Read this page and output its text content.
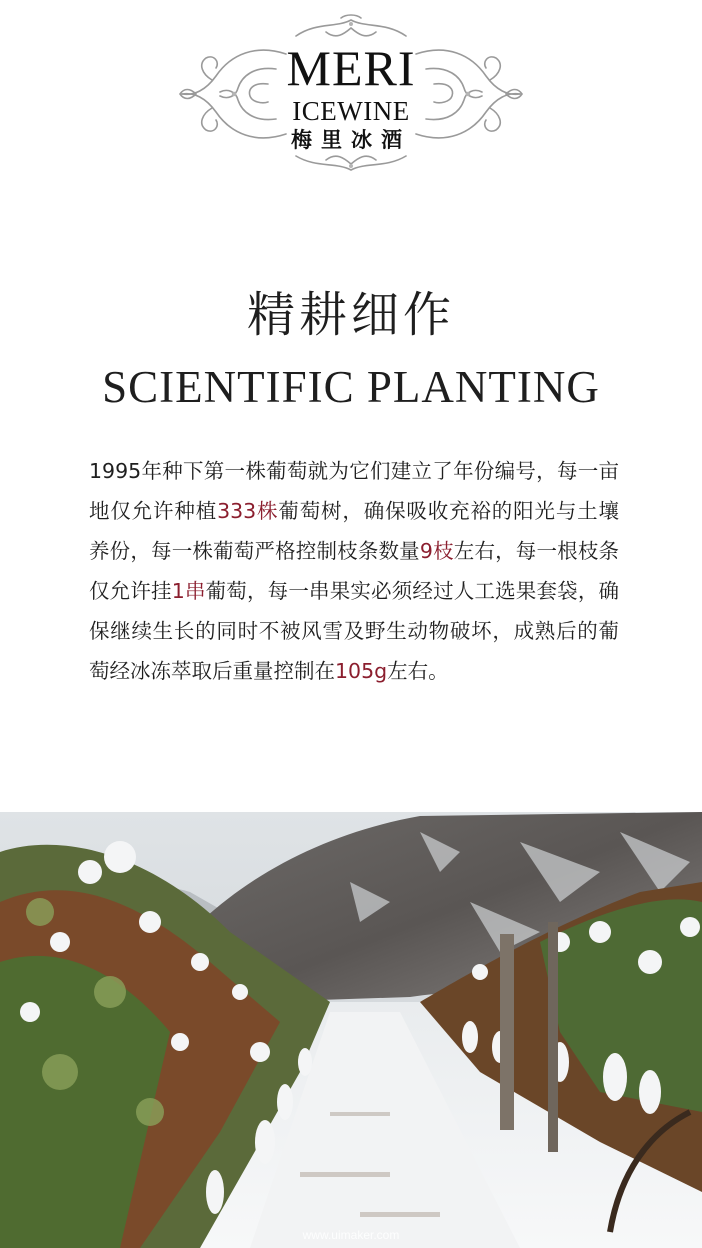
MERI
ICEWINE
梅里冰酒
精耕细作
SCIENTIFIC PLANTING
1995年种下第一株葡萄就为它们建立了年份编号，每一亩地仅允许种植333株葡萄树，确保吸收充裕的阳光与土壤养份，每一株葡萄严格控制枝条数量9枝左右，每一根枝条仅允许挂1串葡萄，每一串果实必须经过人工选果套袋，确保继续生长的同时不被风雪及野生动物破坏，成熟后的葡萄经冰冻萃取后重量控制在105g左右。
www.uimaker.com
